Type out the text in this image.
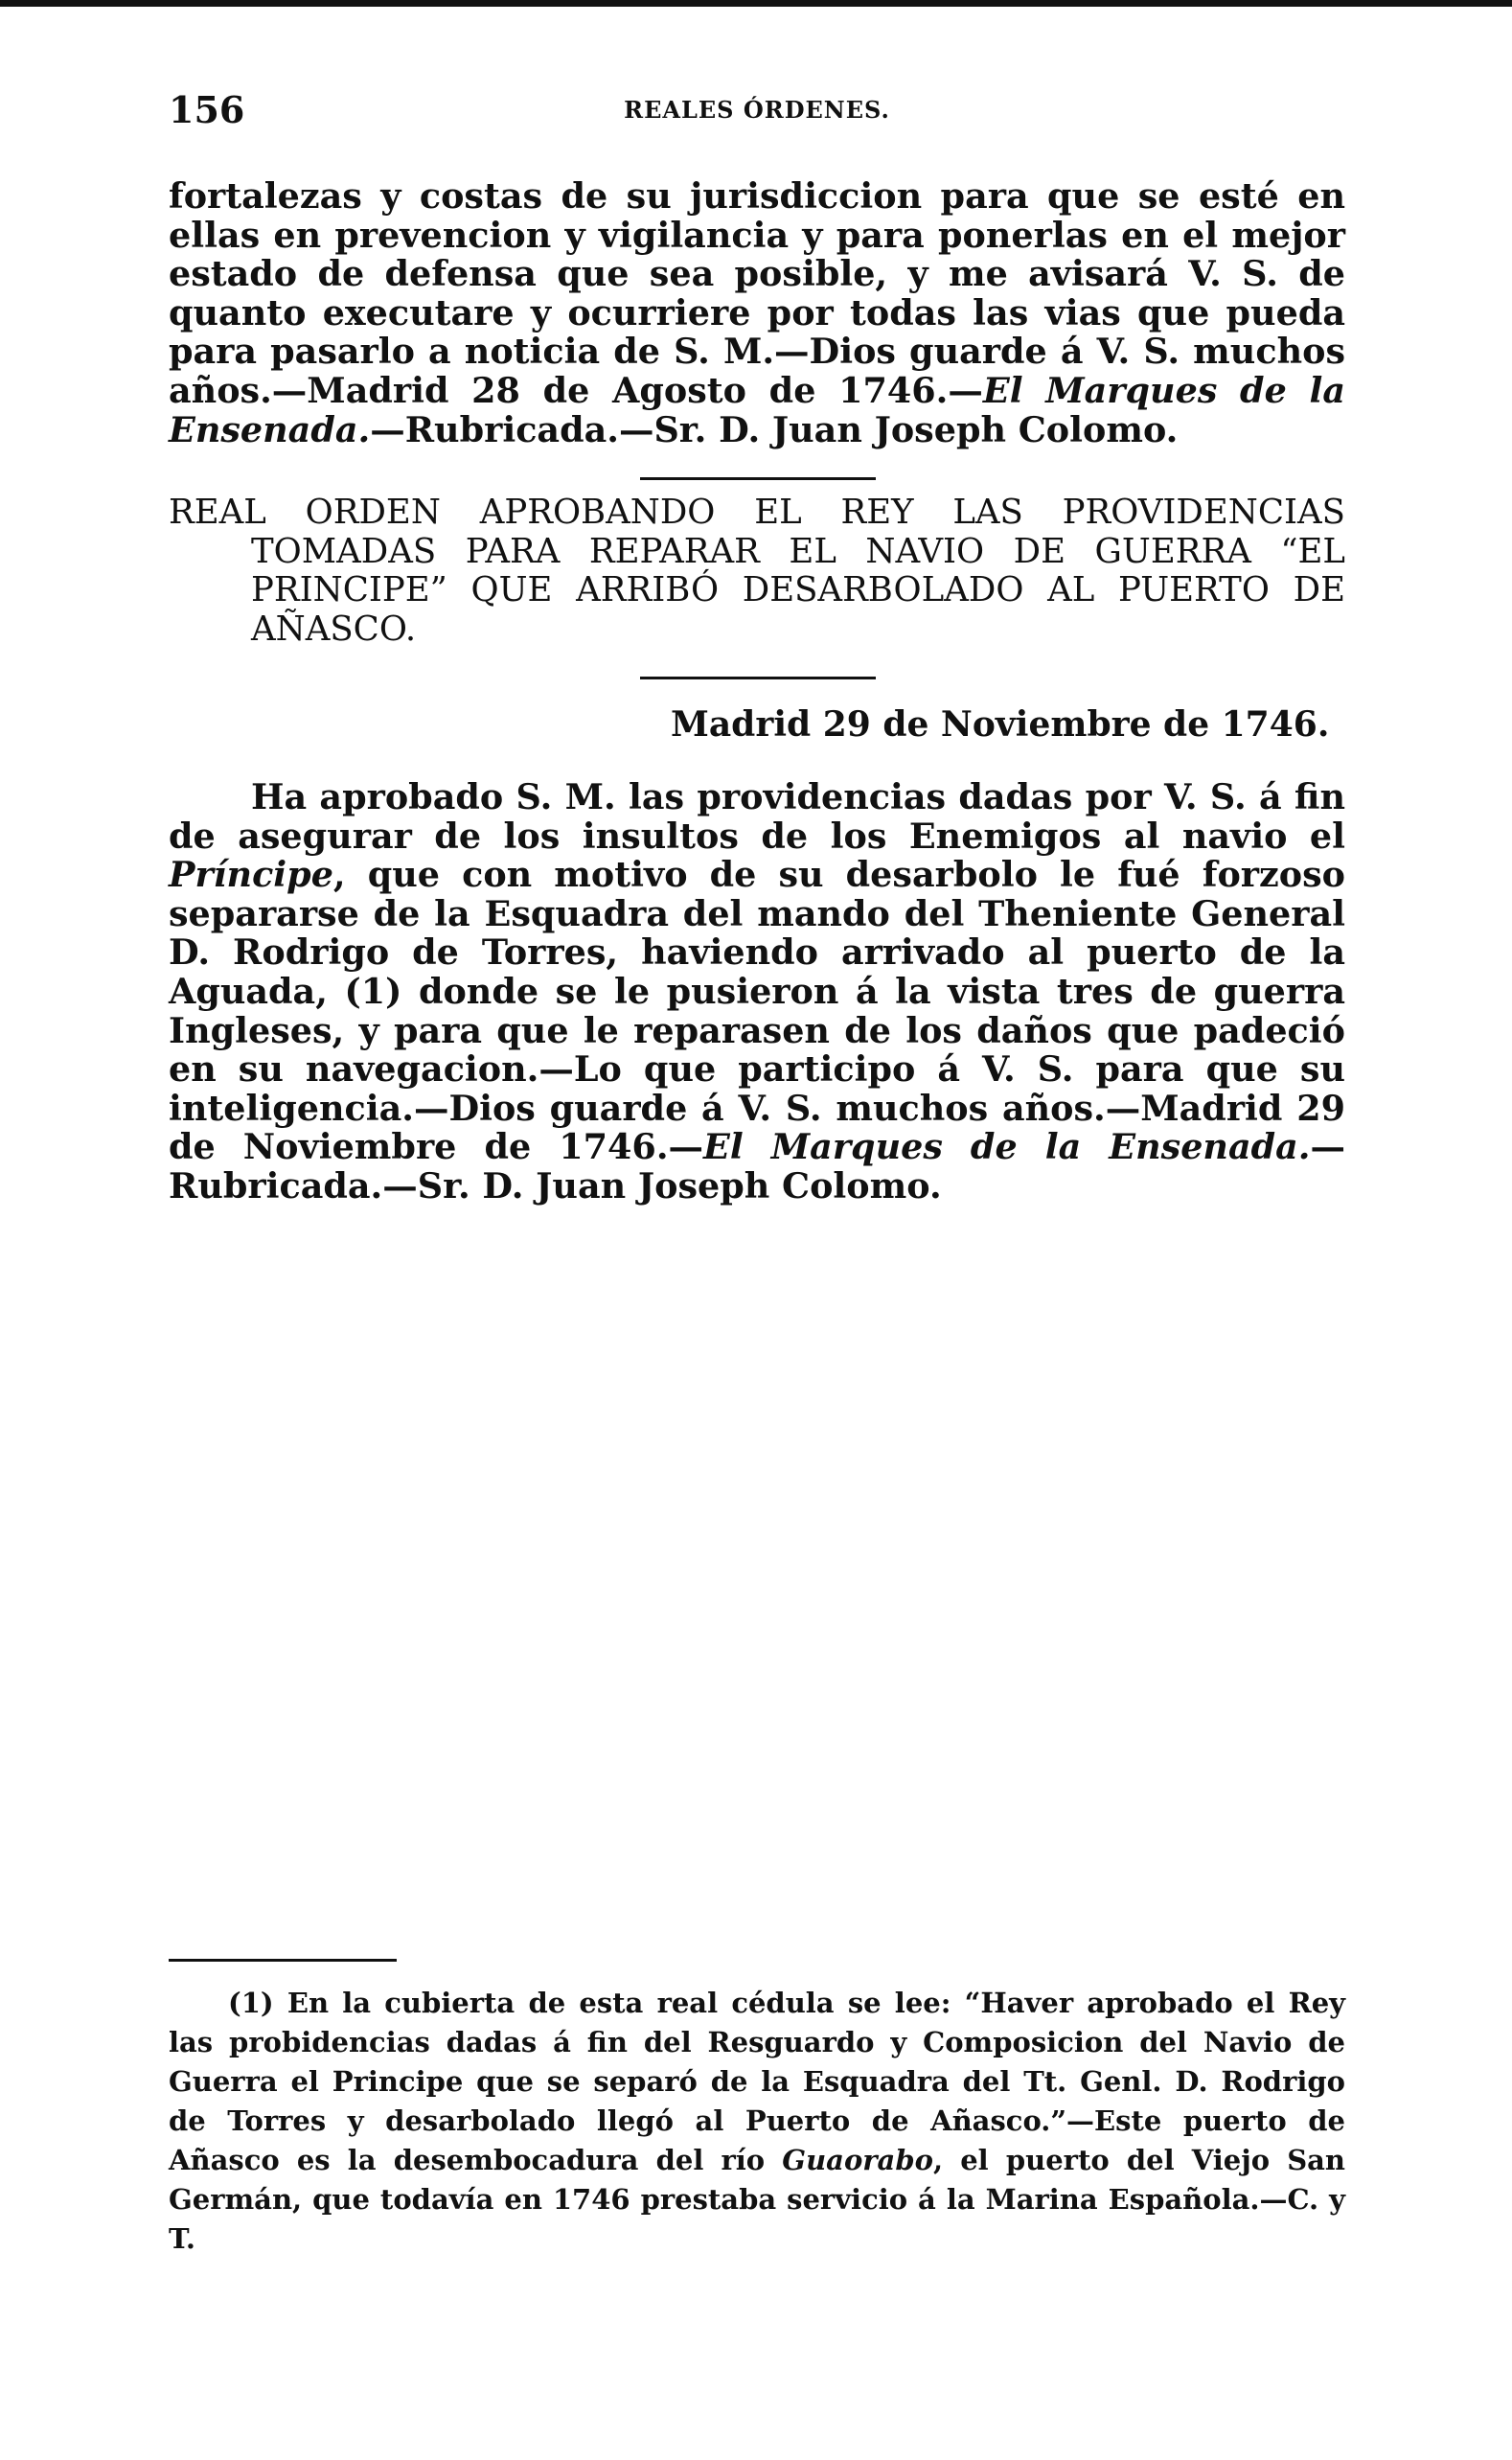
156	REALES ÓRDENES.

fortalezas y costas de su jurisdiccion para que se esté en ellas en prevencion y vigilancia y para ponerlas en el mejor estado de defensa que sea posible, y me avisará V. S. de quanto executare y ocurriere por todas las vias que pueda para pasarlo a noticia de S. M.—Dios guarde á V. S. muchos años.—Madrid 28 de Agosto de 1746.—El Marques de la Ensenada.—Rubricada.—Sr. D. Juan Joseph Colomo.

REAL ORDEN APROBANDO EL REY LAS PROVIDENCIAS TOMADAS PARA REPARAR EL NAVIO DE GUERRA “EL PRINCIPE” QUE ARRIBÓ DESARBOLADO AL PUERTO DE AÑASCO.

Madrid 29 de Noviembre de 1746.

Ha aprobado S. M. las providencias dadas por V. S. á fin de asegurar de los insultos de los Enemigos al navio el Príncipe, que con motivo de su desarbolo le fué forzoso separarse de la Esquadra del mando del Theniente General D. Rodrigo de Torres, haviendo arrivado al puerto de la Aguada, (1) donde se le pusieron á la vista tres de guerra Ingleses, y para que le reparasen de los daños que padeció en su navegacion.—Lo que participo á V. S. para que su inteligencia.—Dios guarde á V. S. muchos años.—Madrid 29 de Noviembre de 1746.—El Marques de la Ensenada.—Rubricada.—Sr. D. Juan Joseph Colomo.

(1) En la cubierta de esta real cédula se lee: “Haver aprobado el Rey las probidencias dadas á fin del Resguardo y Composicion del Navio de Guerra el Principe que se separó de la Esquadra del Tt. Genl. D. Rodrigo de Torres y desarbolado llegó al Puerto de Añasco.”—Este puerto de Añasco es la desembocadura del río Guaorabo, el puerto del Viejo San Germán, que todavía en 1746 prestaba servicio á la Marina Española.—C. y T.
